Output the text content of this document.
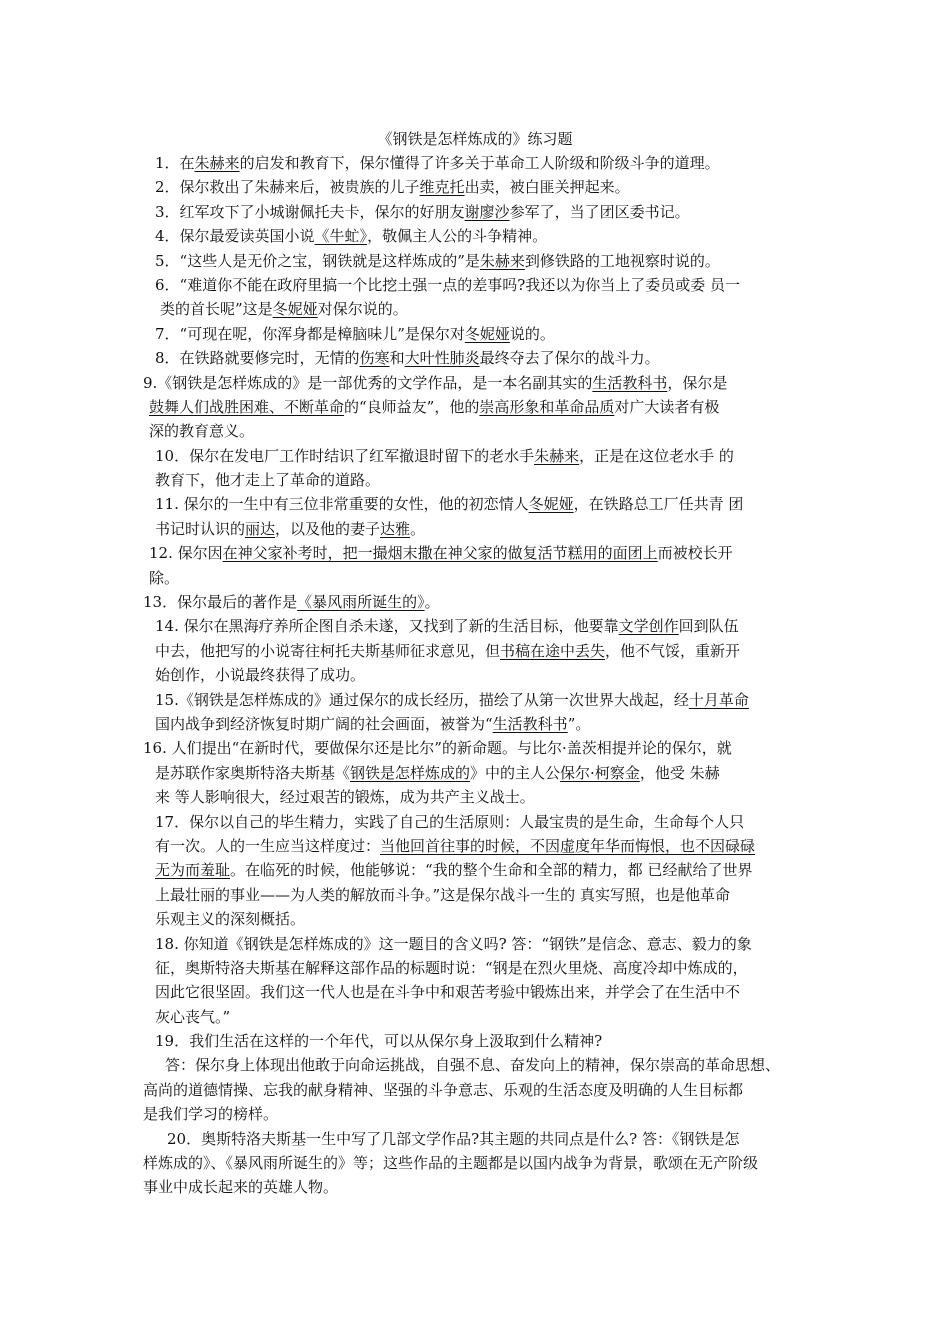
《钢铁是怎样炼成的》练习题
1．在朱赫来的启发和教育下，保尔懂得了许多关于革命工人阶级和阶级斗争的道理。
2．保尔救出了朱赫来后，被贵族的儿子维克托出卖，被白匪关押起来。
3．红军攻下了小城谢佩托夫卡，保尔的好朋友谢廖沙参军了，当了团区委书记。
4．保尔最爱读英国小说《牛虻》，敬佩主人公的斗争精神。
5．“这些人是无价之宝，钢铁就是这样炼成的”是朱赫来到修铁路的工地视察时说的。
6．“难道你不能在政府里搞一个比挖土强一点的差事吗?我还以为你当上了委员或委 员一
类的首长呢”这是冬妮娅对保尔说的。
7．“可现在呢，你浑身都是樟脑味儿”是保尔对冬妮娅说的。
8．在铁路就要修完时，无情的伤寒和大叶性肺炎最终夺去了保尔的战斗力。
9.《钢铁是怎样炼成的》是一部优秀的文学作品，是一本名副其实的生活教科书，保尔是
鼓舞人们战胜困难、不断革命的“良师益友”，他的崇高形象和革命品质对广大读者有极
深的教育意义。
10．保尔在发电厂工作时结识了红军撤退时留下的老水手朱赫来，正是在这位老水手 的
教育下，他才走上了革命的道路。
11. 保尔的一生中有三位非常重要的女性，他的初恋情人冬妮娅，在铁路总工厂任共青 团
书记时认识的丽达，以及他的妻子达雅。
12. 保尔因在神父家补考时，把一撮烟末撒在神父家的做复活节糕用的面团上而被校长开
除。
13．保尔最后的著作是《暴风雨所诞生的》。
14. 保尔在黑海疗养所企图自杀未遂，又找到了新的生活目标，他要靠文学创作回到队伍
中去，他把写的小说寄往柯托夫斯基师征求意见，但书稿在途中丢失，他不气馁，重新开
始创作，小说最终获得了成功。
15.《钢铁是怎样炼成的》通过保尔的成长经历，描绘了从第一次世界大战起，经十月革命
国内战争到经济恢复时期广阔的社会画面，被誉为“生活教科书”。
16. 人们提出“在新时代，要做保尔还是比尔”的新命题。与比尔·盖茨相提并论的保尔，就
是苏联作家奥斯特洛夫斯基《钢铁是怎样炼成的》中的主人公保尔·柯察金，他受 朱赫
来 等人影响很大，经过艰苦的锻炼，成为共产主义战士。
17．保尔以自己的毕生精力，实践了自己的生活原则：人最宝贵的是生命，生命每个人只
有一次。人的一生应当这样度过：当他回首往事的时候，不因虚度年华而悔恨，也不因碌碌
无为而羞耻。在临死的时候，他能够说：“我的整个生命和全部的精力，都 已经献给了世界
上最壮丽的事业——为人类的解放而斗争。”这是保尔战斗一生的 真实写照，也是他革命
乐观主义的深刻概括。
18. 你知道《钢铁是怎样炼成的》这一题目的含义吗? 答：“钢铁”是信念、意志、毅力的象
征，奥斯特洛夫斯基在解释这部作品的标题时说：“钢是在烈火里烧、高度冷却中炼成的，
因此它很坚固。我们这一代人也是在斗争中和艰苦考验中锻炼出来，并学会了在生活中不
灰心丧气。”
19．我们生活在这样的一个年代，可以从保尔身上汲取到什么精神?
答：保尔身上体现出他敢于向命运挑战，自强不息、奋发向上的精神，保尔崇高的革命思想、
高尚的道德情操、忘我的献身精神、坚强的斗争意志、乐观的生活态度及明确的人生目标都
是我们学习的榜样。
20．奥斯特洛夫斯基一生中写了几部文学作品?其主题的共同点是什么? 答：《钢铁是怎
样炼成的》、《暴风雨所诞生的》等；这些作品的主题都是以国内战争为背景，歌颂在无产阶级
事业中成长起来的英雄人物。
